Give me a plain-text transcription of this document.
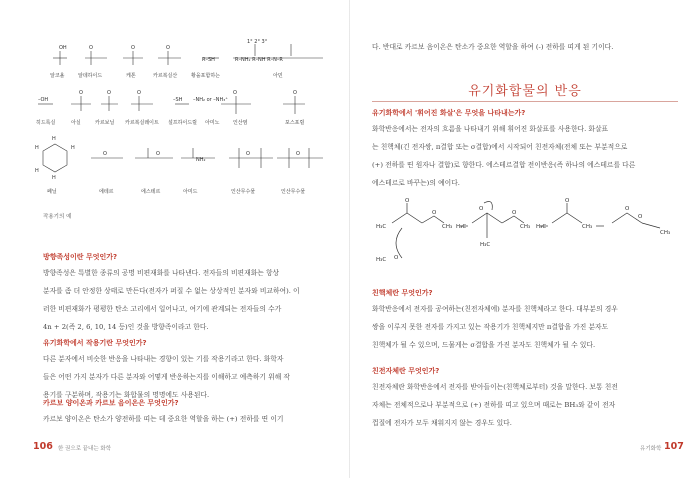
OH	O	O	O
R–SH
1° 2° 3°
R–NH₂ R–NH R–N–R
알코올	알데하이드	케톤	카르복실산	황을포함하는	아민
–OH
O	O	O
–SH –NH₂ or –NH₃⁺
O	O
히드록실	아실	카르보닐 카르복실레이트 설프하이드릴 아미노	인산염	포스포릴
H
H	H
H
H
O	O
NH₂
O	O
페닐	에테르	에스테르	아미드	인산무수물	인산무수물
작용기의 예
방향족성이란 무엇인가?
방향족성은 특별한 종류의 공명 비편재화를 나타낸다. 전자들의 비편재화는 항상
분자를 좀 더 안정한 상태로 만든다(전자가 퍼질 수 없는 상상적인 분자와 비교하여). 이
러한 비편재화가 평평한 탄소 고리에서 일어나고, 여기에 관계되는 전자들의 수가
4n + 2(즉 2, 6, 10, 14 등)인 것을 방향족이라고 한다.
유기화학에서 작용기란 무엇인가?
다른 분자에서 비슷한 반응을 나타내는 경향이 있는 기를 작용기라고 한다. 화학자
들은 어떤 가지 분자가 다른 분자와 어떻게 반응하는지를 이해하고 예측하기 위해 작
용기를 구분하며, 작용기는 화합물의 명명에도 사용된다.
카르보 양이온과 카르보 음이온은 무엇인가?
카르보 양이온은 탄소가 양전하를 띠는 데 중요한 역할을 하는 (+) 전하를 띤 이기
106 한 권으로 끝내는 화학
다. 반대로 카르보 음이온은 탄소가 중요한 역할을 하여 (-) 전하를 띠게 된 기이다.
유기화합물의 반응
유기화학에서 '휘어진 화살'은 무엇을 나타내는가?
화학반응에서는 전자의 흐름을 나타내기 위해 휘어진 화살표를 사용한다. 화살표
는 친핵체(긴 전자쌍, π결합 또는 σ결합)에서 시작되어 친전자체(전체 또는 부분적으로
(+) 전하를 띤 원자나 결합)로 향한다. 에스테르결합 전이반응(즉 하나의 에스테르를 다른
에스테르로 바꾸는)의 예이다.
H₃C	CH₃ H₃C	CH₃ H₃C	CH₃
CH₃
H₃C
H₃C
O
O
O
O
O
O
O
O
친핵체란 무엇인가?
화학반응에서 전자를 공여하는(친전자체에) 분자를 친핵체라고 한다. 대부분의 경우
쌍을 이루지 못한 전자를 가지고 있는 작용기가 친핵체지만 π결합을 가진 분자도
친핵체가 될 수 있으며, 드물게는 σ결합을 가진 분자도 친핵체가 될 수 있다.
친전자체란 무엇인가?
친전자체란 화학반응에서 전자를 받아들이는(친핵체로부터) 것을 말한다. 보통 친전
자체는 전체적으로나 부분적으로 (+) 전하를 띠고 있으며 때로는 BH₃와 같이 전자
껍질에 전자가 모두 채워지지 않는 경우도 있다.
유기화학 107
